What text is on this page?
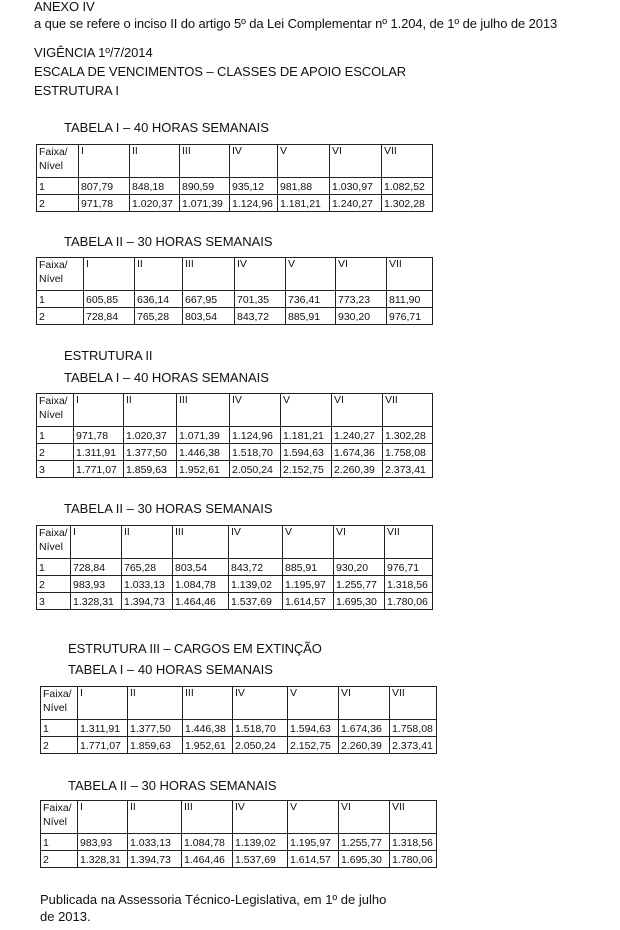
ANEXO IV
a que se refere o inciso II do artigo 5º da Lei Complementar nº 1.204, de 1º de julho de 2013
VIGÊNCIA 1º/7/2014
ESCALA DE VENCIMENTOS – CLASSES DE APOIO ESCOLAR
ESTRUTURA I
TABELA I – 40 HORAS SEMANAIS
Faixa/
Nível	I	II	III	IV	V	VI	VII
1	807,79	848,18	890,59	935,12	981,88	1.030,97	1.082,52
2	971,78	1.020,37	1.071,39	1.124,96	1.181,21	1.240,27	1.302,28
TABELA II – 30 HORAS SEMANAIS
Faixa/
Nível	I	II	III	IV	V	VI	VII
1	605,85	636,14	667,95	701,35	736,41	773,23	811,90
2	728,84	765,28	803,54	843,72	885,91	930,20	976,71
ESTRUTURA II
TABELA I – 40 HORAS SEMANAIS
Faixa/
Nível	I	II	III	IV	V	VI	VII
1	971,78	1.020,37	1.071,39	1.124,96	1.181,21	1.240,27	1.302,28
2	1.311,91	1.377,50	1.446,38	1.518,70	1.594,63	1.674,36	1.758,08
3	1.771,07	1.859,63	1.952,61	2.050,24	2.152,75	2.260,39	2.373,41
TABELA II – 30 HORAS SEMANAIS
Faixa/
Nível	I	II	III	IV	V	VI	VII
1	728,84	765,28	803,54	843,72	885,91	930,20	976,71
2	983,93	1.033,13	1.084,78	1.139,02	1.195,97	1.255,77	1.318,56
3	1.328,31	1.394,73	1.464,46	1.537,69	1.614,57	1.695,30	1.780,06
ESTRUTURA III – CARGOS EM EXTINÇÃO
TABELA I – 40 HORAS SEMANAIS
Faixa/
Nível	I	II	III	IV	V	VI	VII
1	1.311,91	1.377,50	1.446,38	1.518,70	1.594,63	1.674,36	1.758,08
2	1.771,07	1.859,63	1.952,61	2.050,24	2.152,75	2.260,39	2.373,41
TABELA II – 30 HORAS SEMANAIS
Faixa/
Nível	I	II	III	IV	V	VI	VII
1	983,93	1.033,13	1.084,78	1.139,02	1.195,97	1.255,77	1.318,56
2	1.328,31	1.394,73	1.464,46	1.537,69	1.614,57	1.695,30	1.780,06
Publicada na Assessoria Técnico-Legislativa, em 1º de julho
de 2013.
